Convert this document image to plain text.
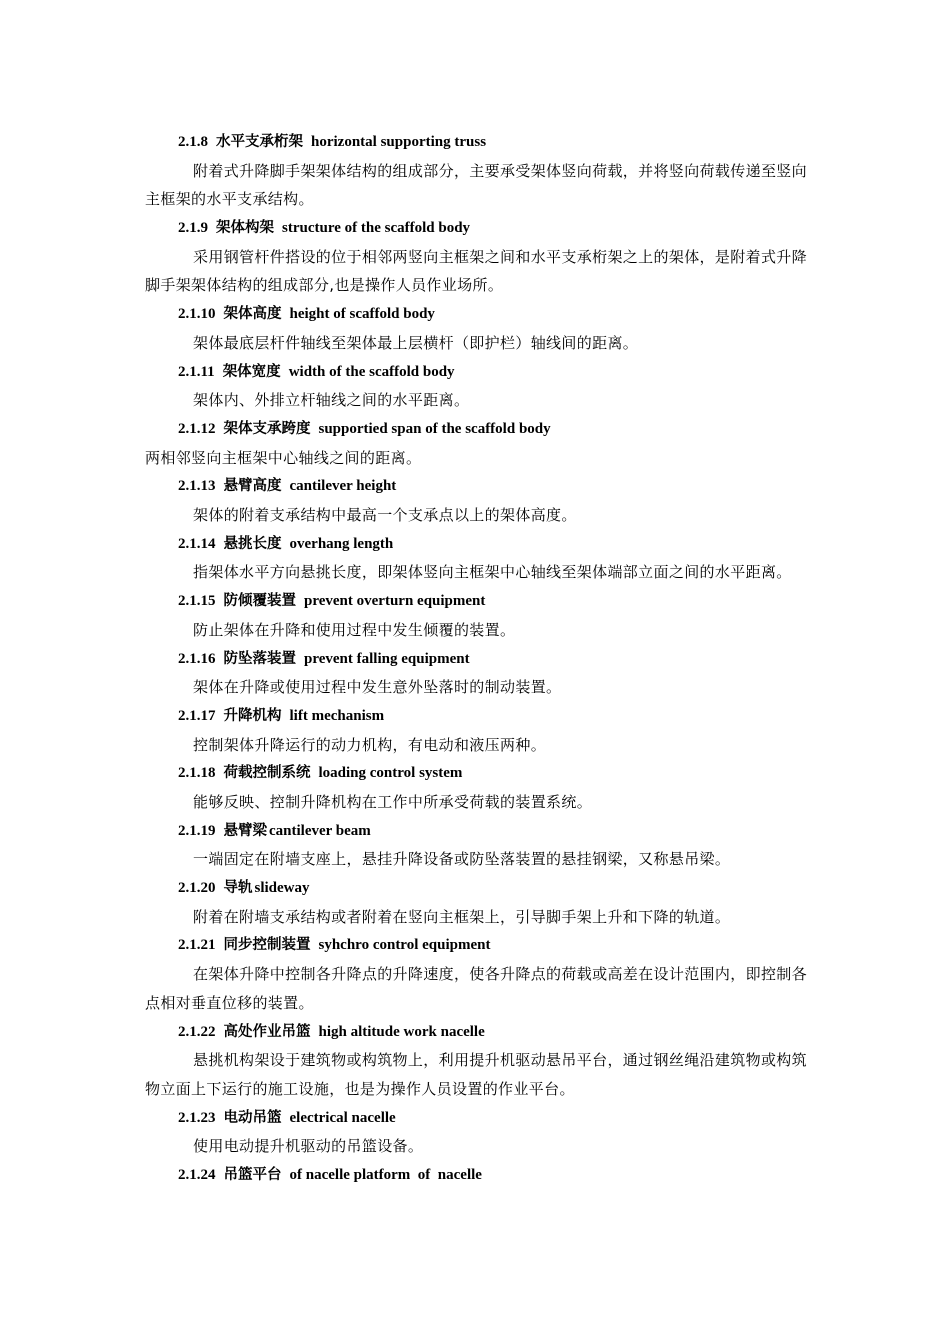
2.1.8 水平支承桁架 horizontal supporting truss

附着式升降脚手架架体结构的组成部分，主要承受架体竖向荷载，并将竖向荷载传递至竖向主框架的水平支承结构。

2.1.9 架体构架 structure of the scaffold body

采用钢管杆件搭设的位于相邻两竖向主框架之间和水平支承桁架之上的架体，是附着式升降脚手架架体结构的组成部分,也是操作人员作业场所。

2.1.10 架体高度 height of scaffold body

架体最底层杆件轴线至架体最上层横杆（即护栏）轴线间的距离。

2.1.11 架体宽度 width of the scaffold body

架体内、外排立杆轴线之间的水平距离。

2.1.12 架体支承跨度 supportied span of the scaffold body

两相邻竖向主框架中心轴线之间的距离。

2.1.13 悬臂高度 cantilever height

架体的附着支承结构中最高一个支承点以上的架体高度。

2.1.14 悬挑长度 overhang length

指架体水平方向悬挑长度，即架体竖向主框架中心轴线至架体端部立面之间的水平距离。

2.1.15 防倾覆装置 prevent overturn equipment

防止架体在升降和使用过程中发生倾覆的装置。

2.1.16 防坠落装置 prevent falling equipment

架体在升降或使用过程中发生意外坠落时的制动装置。

2.1.17 升降机构 lift mechanism

控制架体升降运行的动力机构，有电动和液压两种。

2.1.18 荷载控制系统 loading control system

能够反映、控制升降机构在工作中所承受荷载的装置系统。

2.1.19 悬臂梁 cantilever beam

一端固定在附墙支座上，悬挂升降设备或防坠落装置的悬挂钢梁，又称悬吊梁。

2.1.20 导轨 slideway

附着在附墙支承结构或者附着在竖向主框架上，引导脚手架上升和下降的轨道。

2.1.21 同步控制装置 syhchro control equipment

在架体升降中控制各升降点的升降速度，使各升降点的荷载或高差在设计范围内，即控制各点相对垂直位移的装置。

2.1.22 高处作业吊篮 high altitude work nacelle

悬挑机构架设于建筑物或构筑物上，利用提升机驱动悬吊平台，通过钢丝绳沿建筑物或构筑物立面上下运行的施工设施，也是为操作人员设置的作业平台。

2.1.23 电动吊篮 electrical nacelle

使用电动提升机驱动的吊篮设备。

2.1.24 吊篮平台 of nacelle platform  of  nacelle
